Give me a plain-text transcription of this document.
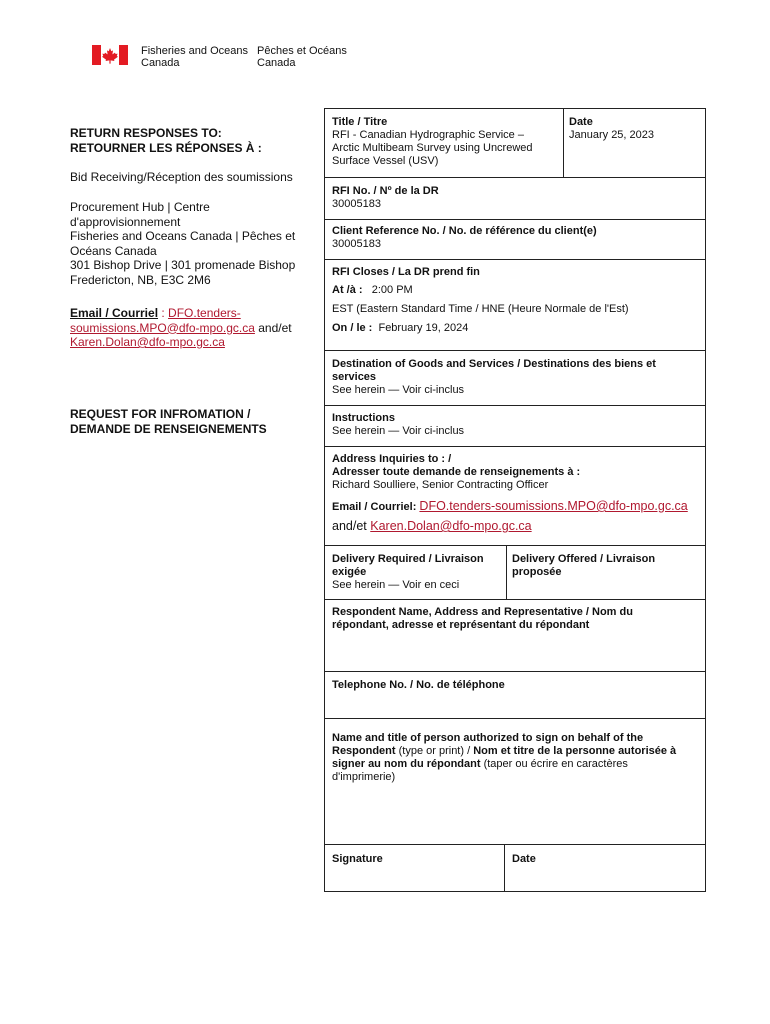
Fisheries and Oceans
Canada
Pêches et Océans
Canada
RETURN RESPONSES TO:
RETOURNER LES RÉPONSES À :
Bid Receiving/Réception des soumissions
Procurement Hub | Centre
d'approvisionnement
Fisheries and Oceans Canada | Pêches et
Océans Canada
301 Bishop Drive | 301 promenade Bishop
Fredericton, NB, E3C 2M6
Email / Courriel : DFO.tenders-
soumissions.MPO@dfo-mpo.gc.ca and/et
Karen.Dolan@dfo-mpo.gc.ca
REQUEST FOR INFROMATION /
DEMANDE DE RENSEIGNEMENTS
Title / Titre
RFI - Canadian Hydrographic Service –
Arctic Multibeam Survey using Uncrewed
Surface Vessel (USV)
Date
January 25, 2023
RFI No. / Nº de la DR
30005183
Client Reference No. / No. de référence du client(e)
30005183
RFI Closes / La DR prend fin
At /à : 2:00 PM
EST (Eastern Standard Time / HNE (Heure Normale de l'Est)
On / le : February 19, 2024
Destination of Goods and Services / Destinations des biens et
services
See herein — Voir ci-inclus
Instructions
See herein — Voir ci-inclus
Address Inquiries to : /
Adresser toute demande de renseignements à :
Richard Soulliere, Senior Contracting Officer
Email / Courriel: DFO.tenders-soumissions.MPO@dfo-mpo.gc.ca
and/et Karen.Dolan@dfo-mpo.gc.ca
Delivery Required / Livraison
exigée
See herein — Voir en ceci
Delivery Offered / Livraison
proposée
Respondent Name, Address and Representative / Nom du
répondant, adresse et représentant du répondant
Telephone No. / No. de téléphone
Name and title of person authorized to sign on behalf of the
Respondent (type or print) / Nom et titre de la personne autorisée à
signer au nom du répondant (taper ou écrire en caractères
d'imprimerie)
Signature	Date
